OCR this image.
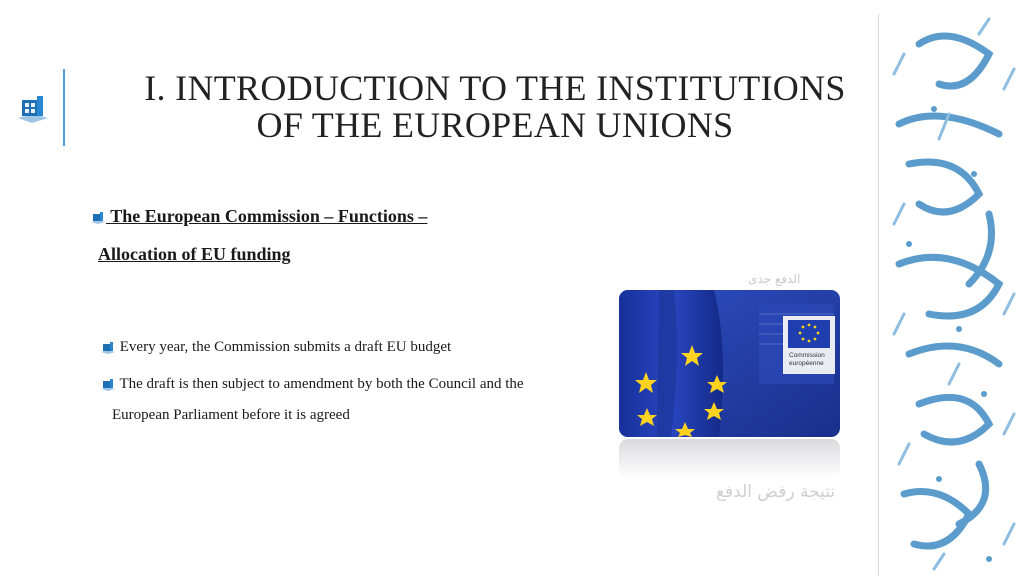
I. INTRODUCTION TO THE INSTITUTIONS
OF THE EUROPEAN UNIONS
The European Commission – Functions –
Allocation of EU funding
Every year, the Commission submits a draft EU budget
The draft is then subject to amendment by both the Council and the
European Parliament before it is agreed
الدفع جدى
Commission
européenne
نتيجة رفض الدفع
